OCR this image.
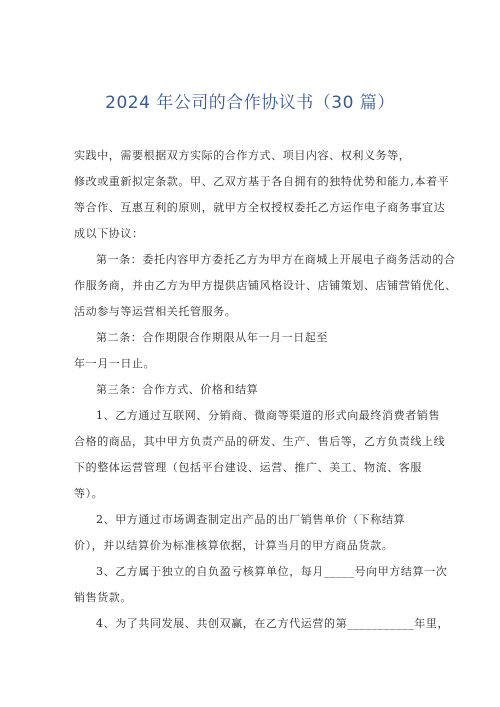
2024 年公司的合作协议书（30 篇）
实践中，需要根据双方实际的合作方式、项目内容、权利义务等，
修改或重新拟定条款。甲、乙双方基于各自拥有的独特优势和能力,本着平
等合作、互惠互利的原则，就甲方全权授权委托乙方运作电子商务事宜达
成以下协议：
第一条：委托内容甲方委托乙方为甲方在商城上开展电子商务活动的合
作服务商，并由乙方为甲方提供店铺风格设计、店铺策划、店铺营销优化、
活动参与等运营相关托管服务。
第二条：合作期限合作期限从年一月一日起至
年一月一日止。
第三条：合作方式、价格和结算
1、乙方通过互联网、分销商、微商等渠道的形式向最终消费者销售
合格的商品，其中甲方负责产品的研发、生产、售后等，乙方负责线上线
下的整体运营管理（包括平台建设、运营、推广、美工、物流、客服
等）。
2、甲方通过市场调查制定出产品的出厂销售单价（下称结算
价），并以结算价为标准核算依据，计算当月的甲方商品货款。
3、乙方属于独立的自负盈亏核算单位，每月_____号向甲方结算一次
销售货款。
4、为了共同发展、共创双赢，在乙方代运营的第___________年里，
